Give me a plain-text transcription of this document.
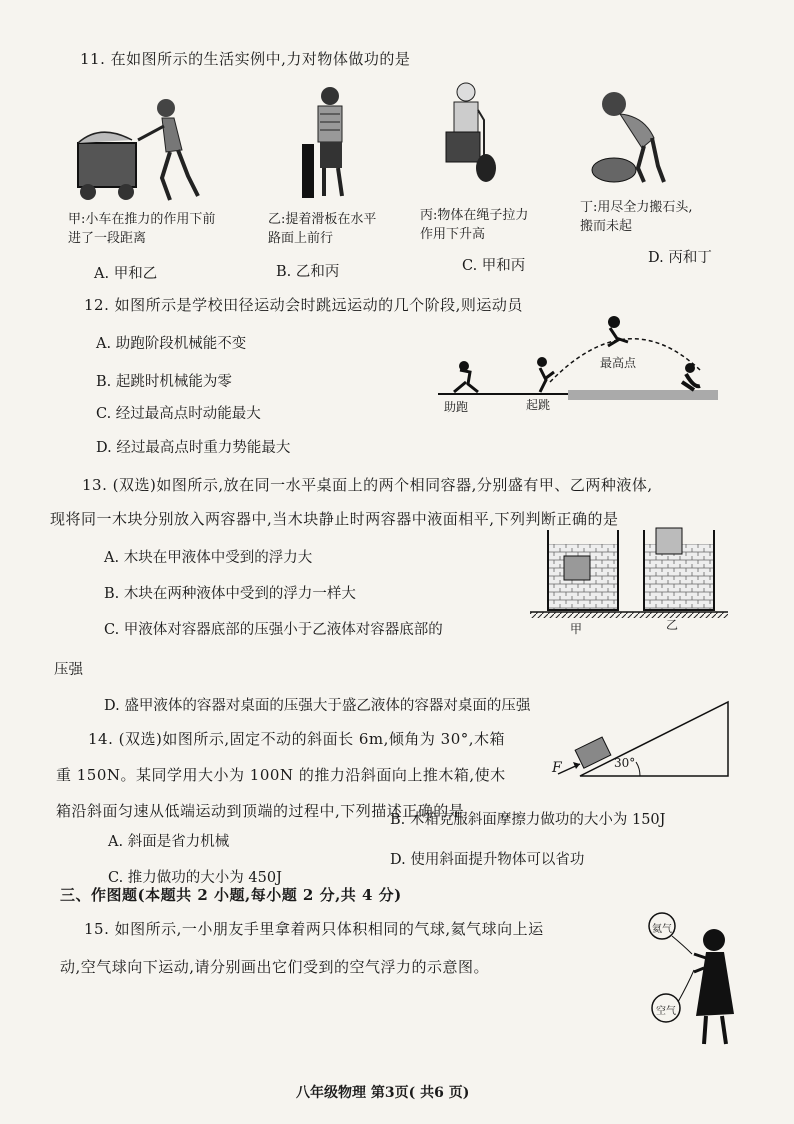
11. 在如图所示的生活实例中,力对物体做功的是
甲:小车在推力的作用下前进了一段距离
乙:提着滑板在水平路面上前行
丙:物体在绳子拉力作用下升高
丁:用尽全力搬石头,搬而未起
A. 甲和乙	B. 乙和丙	C. 甲和丙	D. 丙和丁
12. 如图所示是学校田径运动会时跳远运动的几个阶段,则运动员
A. 助跑阶段机械能不变
B. 起跳时机械能为零
C. 经过最高点时动能最大
D. 经过最高点时重力势能最大
助跑	起跳
最高点
13. (双选)如图所示,放在同一水平桌面上的两个相同容器,分别盛有甲、乙两种液体,
现将同一木块分别放入两容器中,当木块静止时两容器中液面相平,下列判断正确的是
A. 木块在甲液体中受到的浮力大
B. 木块在两种液体中受到的浮力一样大
C. 甲液体对容器底部的压强小于乙液体对容器底部的
压强
D. 盛甲液体的容器对桌面的压强大于盛乙液体的容器对桌面的压强
甲	乙
14. (双选)如图所示,固定不动的斜面长 6m,倾角为 30°,木箱
重 150N。某同学用大小为 100N 的推力沿斜面向上推木箱,使木
箱沿斜面匀速从低端运动到顶端的过程中,下列描述正确的是
A. 斜面是省力机械
B. 木箱克服斜面摩擦力做功的大小为 150J
C. 推力做功的大小为 450J
D. 使用斜面提升物体可以省功
F	30°
三、作图题(本题共 2 小题,每小题 2 分,共 4 分)
15. 如图所示,一小朋友手里拿着两只体积相同的气球,氦气球向上运
动,空气球向下运动,请分别画出它们受到的空气浮力的示意图。
氦气
空气
八年级物理 第3页( 共6 页)
